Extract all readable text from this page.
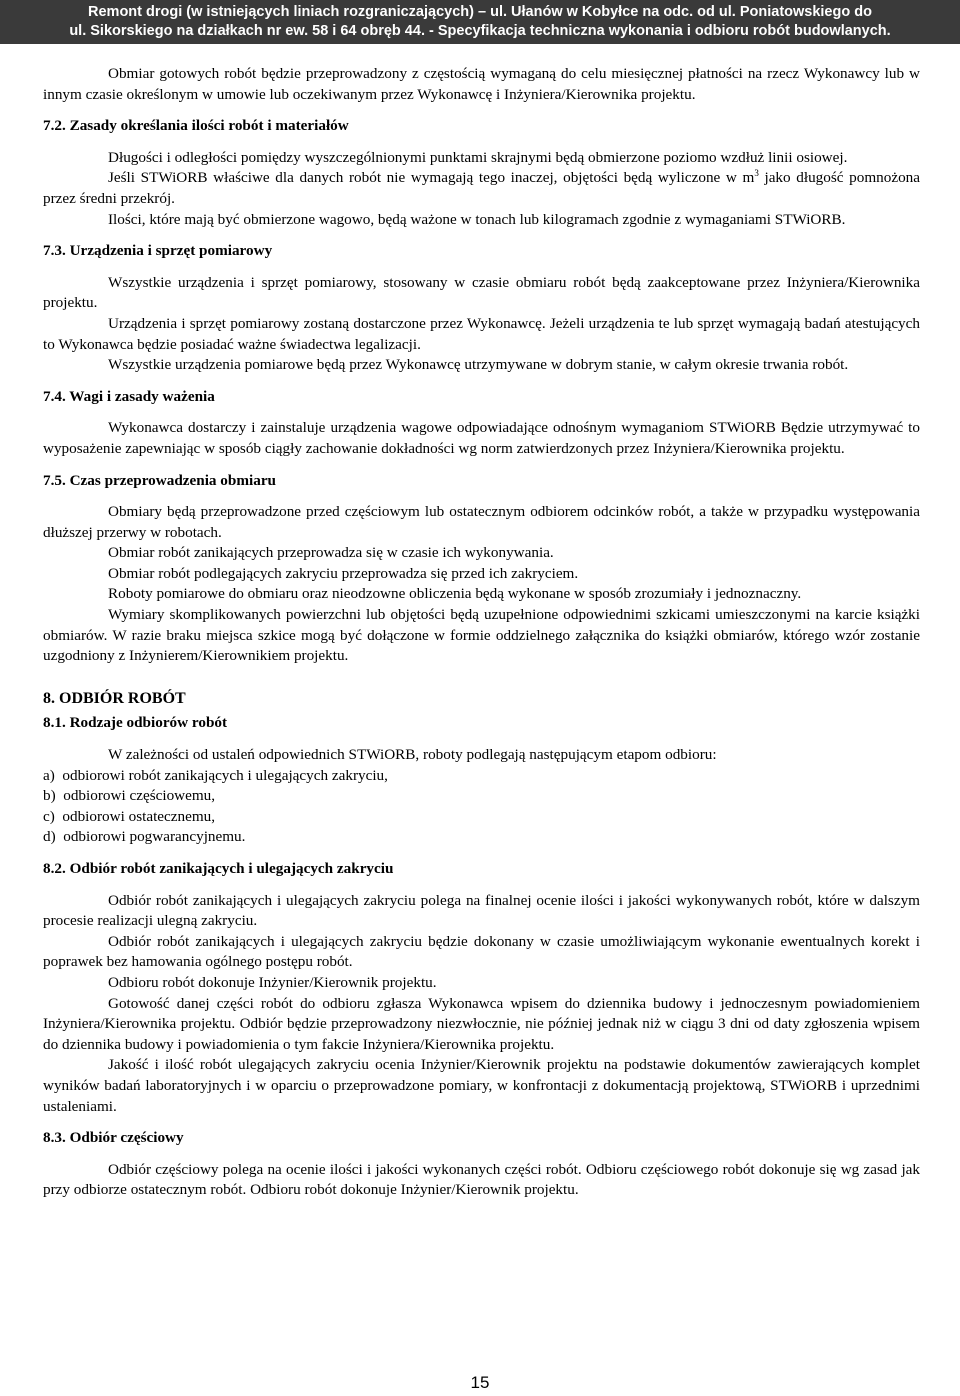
Remont drogi (w istniejących liniach rozgraniczających) – ul. Ułanów w Kobyłce na odc. od ul. Poniatowskiego do
ul. Sikorskiego na działkach nr ew. 58 i 64 obręb 44. - Specyfikacja techniczna wykonania i odbioru robót budowlanych.

Obmiar gotowych robót będzie przeprowadzony z częstością wymaganą do celu miesięcznej płatności na rzecz Wykonawcy lub w innym czasie określonym w umowie lub oczekiwanym przez Wykonawcę i Inżyniera/Kierownika projektu.

7.2. Zasady określania ilości robót i materiałów

Długości i odległości pomiędzy wyszczególnionymi punktami skrajnymi będą obmierzone poziomo wzdłuż linii osiowej.

Jeśli STWiORB właściwe dla danych robót nie wymagają tego inaczej, objętości będą wyliczone w $m^3$ jako długość pomnożona przez średni przekrój.

Ilości, które mają być obmierzone wagowo, będą ważone w tonach lub kilogramach zgodnie z wymaganiami STWiORB.

7.3. Urządzenia i sprzęt pomiarowy

Wszystkie urządzenia i sprzęt pomiarowy, stosowany w czasie obmiaru robót będą zaakceptowane przez Inżyniera/Kierownika projektu.

Urządzenia i sprzęt pomiarowy zostaną dostarczone przez Wykonawcę. Jeżeli urządzenia te lub sprzęt wymagają badań atestujących to Wykonawca będzie posiadać ważne świadectwa legalizacji.

Wszystkie urządzenia pomiarowe będą przez Wykonawcę utrzymywane w dobrym stanie, w całym okresie trwania robót.

7.4. Wagi i zasady ważenia

Wykonawca dostarczy i zainstaluje urządzenia wagowe odpowiadające odnośnym wymaganiom STWiORB Będzie utrzymywać to wyposażenie zapewniając w sposób ciągły zachowanie dokładności wg norm zatwierdzonych przez Inżyniera/Kierownika projektu.

7.5. Czas przeprowadzenia obmiaru

Obmiary będą przeprowadzone przed częściowym lub ostatecznym odbiorem odcinków robót, a także w przypadku występowania dłuższej przerwy w robotach.

Obmiar robót zanikających przeprowadza się w czasie ich wykonywania.

Obmiar robót podlegających zakryciu przeprowadza się przed ich zakryciem.

Roboty pomiarowe do obmiaru oraz nieodzowne obliczenia będą wykonane w sposób zrozumiały i jednoznaczny.

Wymiary skomplikowanych powierzchni lub objętości będą uzupełnione odpowiednimi szkicami umieszczonymi na karcie książki obmiarów. W razie braku miejsca szkice mogą być dołączone w formie oddzielnego załącznika do książki obmiarów, którego wzór zostanie uzgodniony z Inżynierem/Kierownikiem projektu.

8. ODBIÓR ROBÓT
8.1. Rodzaje odbiorów robót

W zależności od ustaleń odpowiednich STWiORB, roboty podlegają następującym etapom odbioru:

a)  odbiorowi robót zanikających i ulegających zakryciu,
b)  odbiorowi częściowemu,
c)  odbiorowi ostatecznemu,
d)  odbiorowi pogwarancyjnemu.
8.2. Odbiór robót zanikających i ulegających zakryciu

Odbiór robót zanikających i ulegających zakryciu polega na finalnej ocenie ilości i jakości wykonywanych robót, które w dalszym procesie realizacji ulegną zakryciu.

Odbiór robót zanikających i ulegających zakryciu będzie dokonany w czasie umożliwiającym wykonanie ewentualnych korekt i poprawek bez hamowania ogólnego postępu robót.

Odbioru robót dokonuje Inżynier/Kierownik projektu.

Gotowość danej części robót do odbioru zgłasza Wykonawca wpisem do dziennika budowy i jednoczesnym powiadomieniem Inżyniera/Kierownika projektu. Odbiór będzie przeprowadzony niezwłocznie, nie później jednak niż w ciągu 3 dni od daty zgłoszenia wpisem do dziennika budowy i powiadomienia o tym fakcie Inżyniera/Kierownika projektu.

Jakość i ilość robót ulegających zakryciu ocenia Inżynier/Kierownik projektu na podstawie dokumentów zawierających komplet wyników badań laboratoryjnych i w oparciu o przeprowadzone pomiary, w konfrontacji z dokumentacją projektową, STWiORB i uprzednimi ustaleniami.

8.3. Odbiór częściowy

Odbiór częściowy polega na ocenie ilości i jakości wykonanych części robót. Odbioru częściowego robót dokonuje się wg zasad jak przy odbiorze ostatecznym robót. Odbioru robót dokonuje Inżynier/Kierownik projektu.

15
